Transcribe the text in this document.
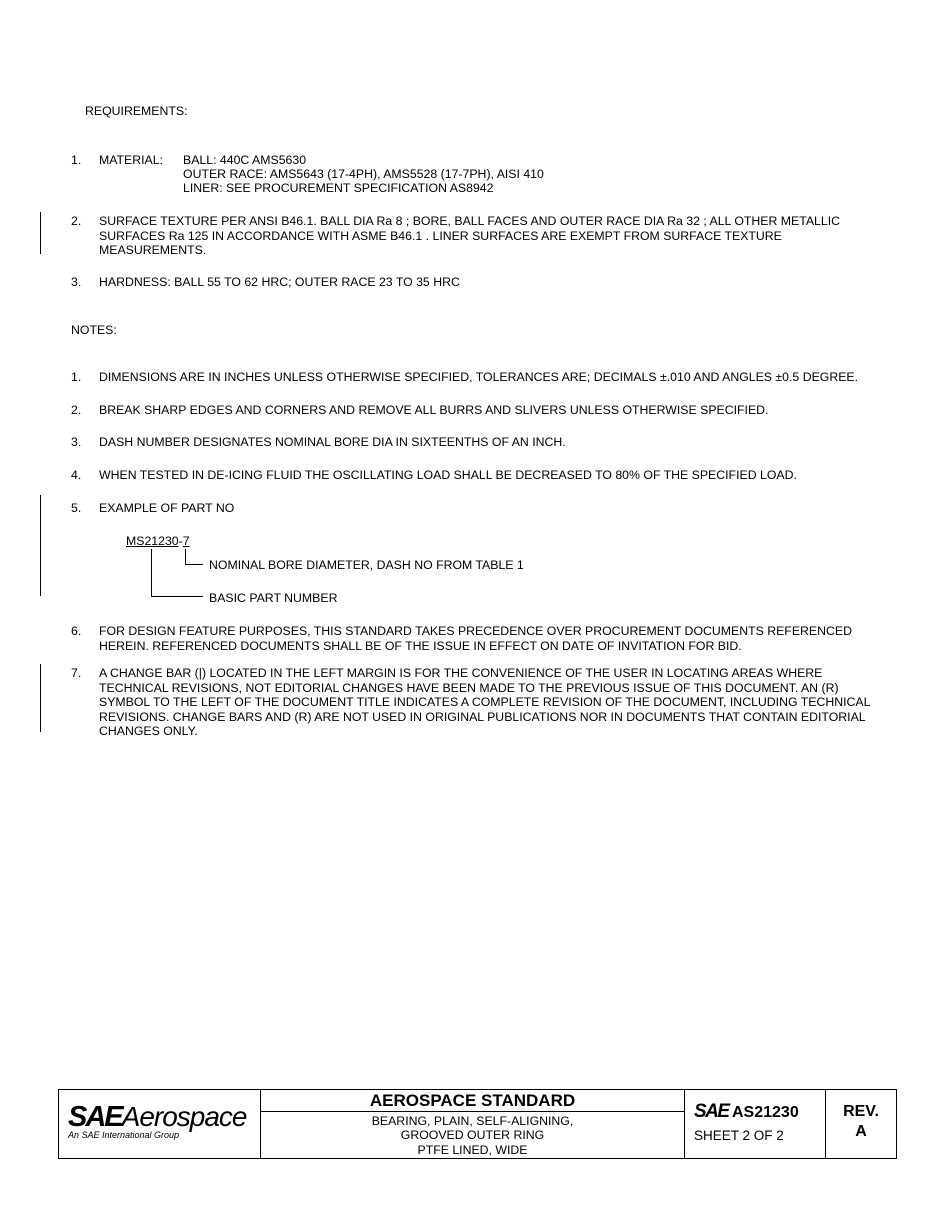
REQUIREMENTS:
1. MATERIAL: BALL: 440C AMS5630
OUTER RACE: AMS5643 (17-4PH), AMS5528 (17-7PH), AISI 410
LINER: SEE PROCUREMENT SPECIFICATION AS8942
2. SURFACE TEXTURE PER ANSI B46.1. BALL DIA Ra 8 ; BORE, BALL FACES AND OUTER RACE DIA Ra 32 ; ALL OTHER METALLIC SURFACES Ra 125 IN ACCORDANCE WITH ASME B46.1 . LINER SURFACES ARE EXEMPT FROM SURFACE TEXTURE MEASUREMENTS.
3. HARDNESS: BALL 55 TO 62 HRC; OUTER RACE 23 TO 35 HRC
NOTES:
1. DIMENSIONS ARE IN INCHES UNLESS OTHERWISE SPECIFIED, TOLERANCES ARE; DECIMALS ±.010 AND ANGLES ±0.5 DEGREE.
2. BREAK SHARP EDGES AND CORNERS AND REMOVE ALL BURRS AND SLIVERS UNLESS OTHERWISE SPECIFIED.
3. DASH NUMBER DESIGNATES NOMINAL BORE DIA IN SIXTEENTHS OF AN INCH.
4. WHEN TESTED IN DE-ICING FLUID THE OSCILLATING LOAD SHALL BE DECREASED TO 80% OF THE SPECIFIED LOAD.
5. EXAMPLE OF PART NO
MS21230-7
NOMINAL BORE DIAMETER, DASH NO FROM TABLE 1
BASIC PART NUMBER
6. FOR DESIGN FEATURE PURPOSES, THIS STANDARD TAKES PRECEDENCE OVER PROCUREMENT DOCUMENTS REFERENCED HEREIN. REFERENCED DOCUMENTS SHALL BE OF THE ISSUE IN EFFECT ON DATE OF INVITATION FOR BID.
7. A CHANGE BAR (|) LOCATED IN THE LEFT MARGIN IS FOR THE CONVENIENCE OF THE USER IN LOCATING AREAS WHERE TECHNICAL REVISIONS, NOT EDITORIAL CHANGES HAVE BEEN MADE TO THE PREVIOUS ISSUE OF THIS DOCUMENT. AN (R) SYMBOL TO THE LEFT OF THE DOCUMENT TITLE INDICATES A COMPLETE REVISION OF THE DOCUMENT, INCLUDING TECHNICAL REVISIONS. CHANGE BARS AND (R) ARE NOT USED IN ORIGINAL PUBLICATIONS NOR IN DOCUMENTS THAT CONTAIN EDITORIAL CHANGES ONLY.
SAEAerospace
An SAE International Group
AEROSPACE STANDARD
BEARING, PLAIN, SELF-ALIGNING,
GROOVED OUTER RING
PTFE LINED, WIDE
SAE AS21230
SHEET 2 OF 2
REV.
A
